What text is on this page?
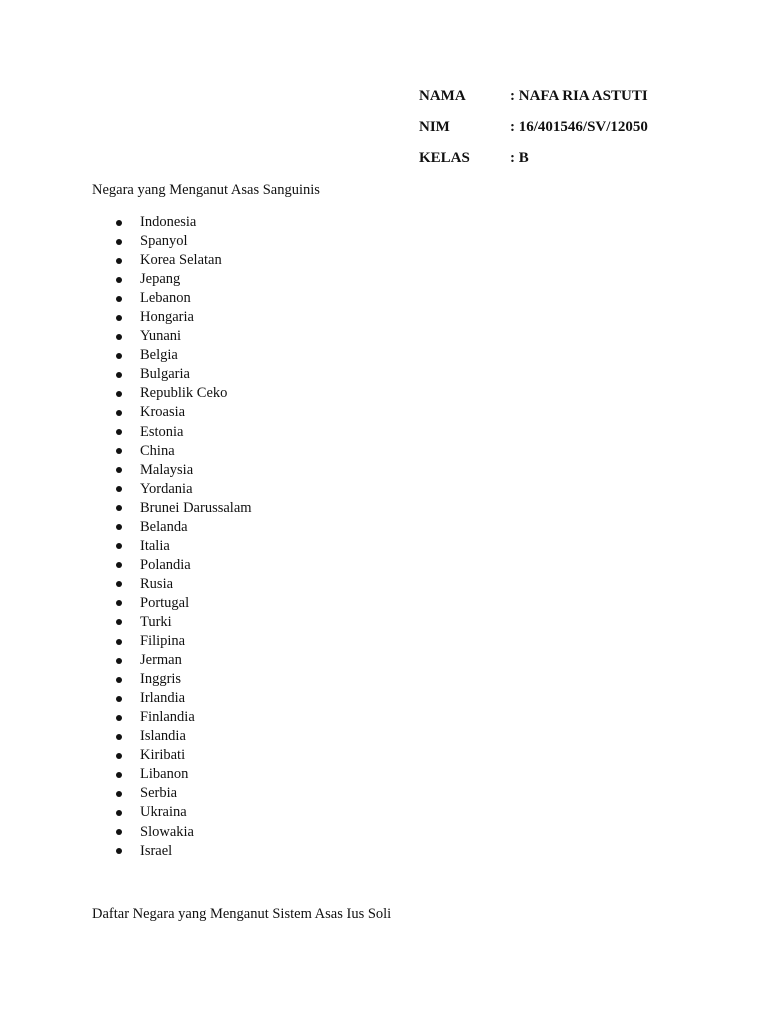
NAMA	: NAFA RIA ASTUTI
NIM	: 16/401546/SV/12050
KELAS	: B
Negara yang Menganut Asas Sanguinis
Indonesia
Spanyol
Korea Selatan
Jepang
Lebanon
Hongaria
Yunani
Belgia
Bulgaria
Republik Ceko
Kroasia
Estonia
China
Malaysia
Yordania
Brunei Darussalam
Belanda
Italia
Polandia
Rusia
Portugal
Turki
Filipina
Jerman
Inggris
Irlandia
Finlandia
Islandia
Kiribati
Libanon
Serbia
Ukraina
Slowakia
Israel
Daftar Negara yang Menganut Sistem Asas Ius Soli
